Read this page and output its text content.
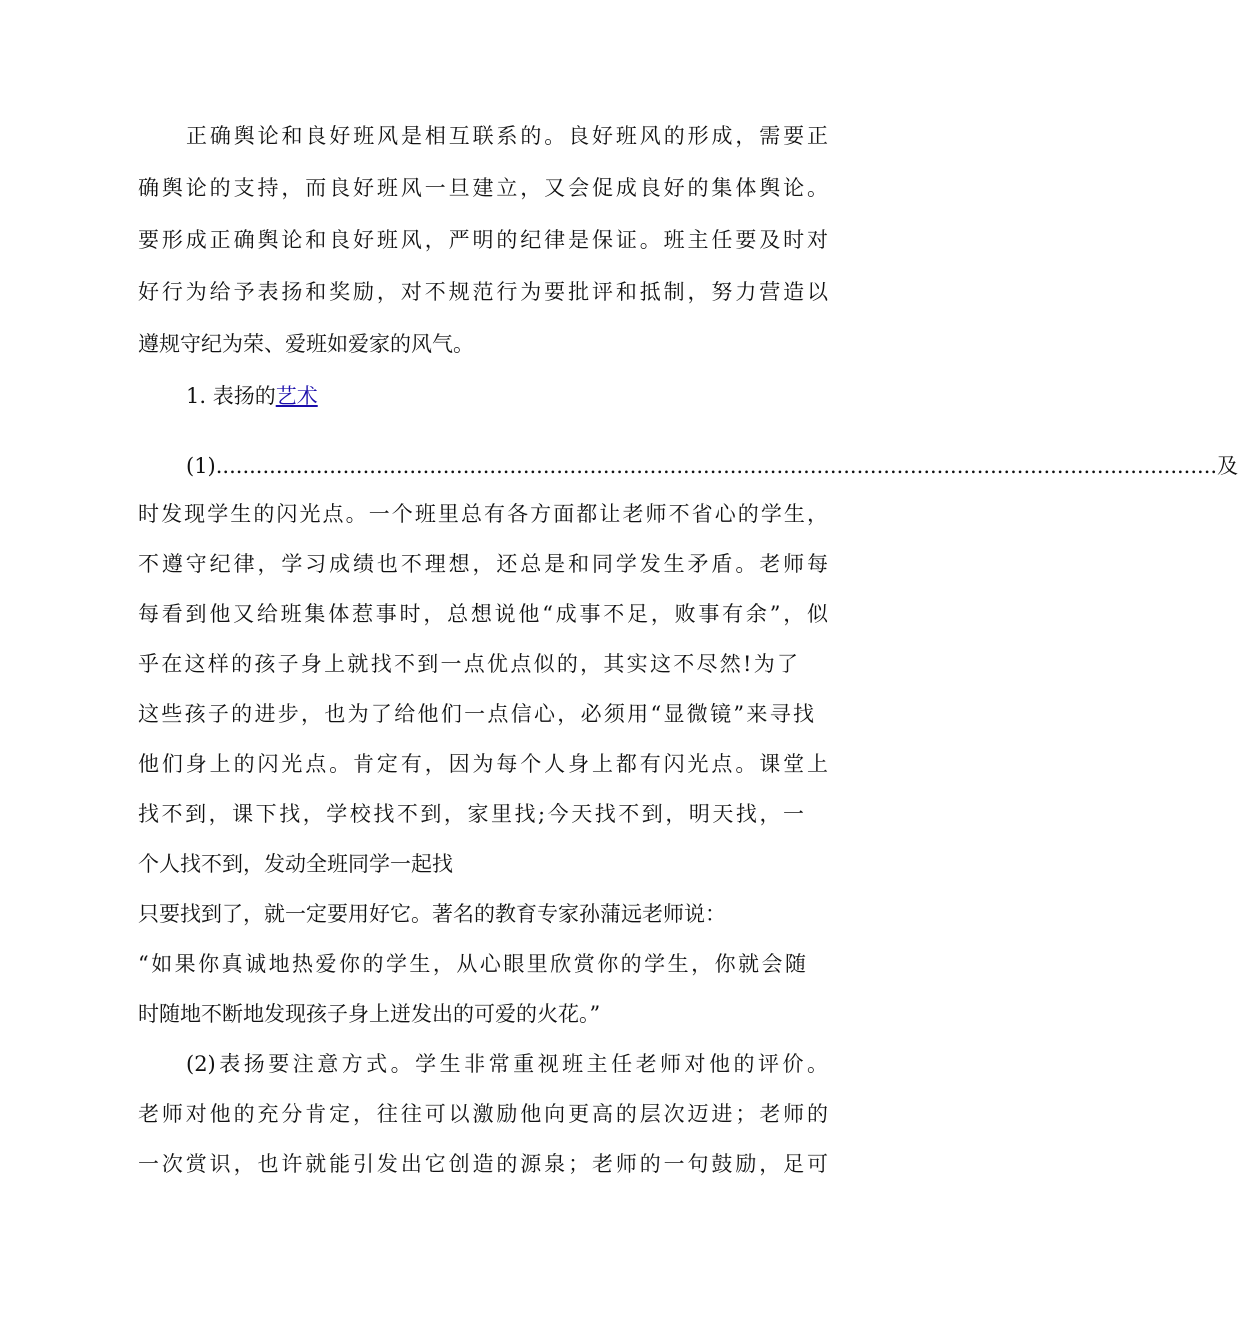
正确舆论和良好班风是相互联系的。良好班风的形成，需要正
确舆论的支持，而良好班风一旦建立，又会促成良好的集体舆论。
要形成正确舆论和良好班风，严明的纪律是保证。班主任要及时对
好行为给予表扬和奖励，对不规范行为要批评和抵制，努力营造以
遵规守纪为荣、爱班如爱家的风气。
1. 表扬的艺术
(1) ...................................................................................................................................................... 及
时发现学生的闪光点。一个班里总有各方面都让老师不省心的学生，
不遵守纪律，学习成绩也不理想，还总是和同学发生矛盾。老师每
每看到他又给班集体惹事时，总想说他“成事不足，败事有余”，似
乎在这样的孩子身上就找不到一点优点似的，其实这不尽然!为了
这些孩子的进步，也为了给他们一点信心，必须用“显微镜”来寻找
他们身上的闪光点。肯定有，因为每个人身上都有闪光点。课堂上
找不到，课下找，学校找不到，家里找;今天找不到，明天找，一
个人找不到，发动全班同学一起找
只要找到了，就一定要用好它。著名的教育专家孙蒲远老师说：
“如果你真诚地热爱你的学生，从心眼里欣赏你的学生，你就会随
时随地不断地发现孩子身上迸发出的可爱的火花。”
(2)表扬要注意方式。学生非常重视班主任老师对他的评价。
老师对他的充分肯定，往往可以激励他向更高的层次迈进；老师的
一次赏识，也许就能引发出它创造的源泉；老师的一句鼓励，足可
